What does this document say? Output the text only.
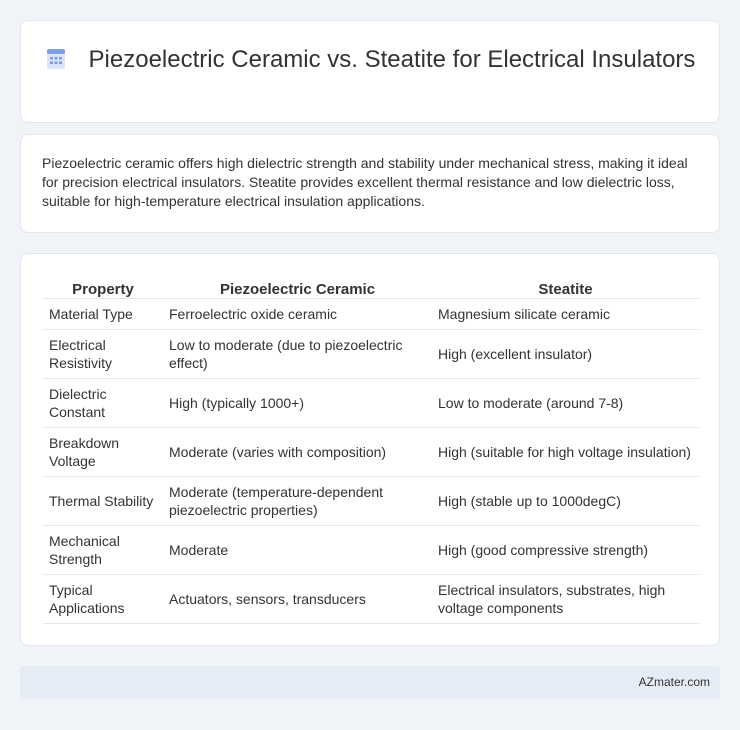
Piezoelectric Ceramic vs. Steatite for Electrical Insulators
Piezoelectric ceramic offers high dielectric strength and stability under mechanical stress, making it ideal for precision electrical insulators. Steatite provides excellent thermal resistance and low dielectric loss, suitable for high-temperature electrical insulation applications.
Property	Piezoelectric Ceramic	Steatite
Material Type	Ferroelectric oxide ceramic	Magnesium silicate ceramic
Electrical Resistivity	Low to moderate (due to piezoelectric effect)	High (excellent insulator)
Dielectric Constant	High (typically 1000+)	Low to moderate (around 7-8)
Breakdown Voltage	Moderate (varies with composition)	High (suitable for high voltage insulation)
Thermal Stability	Moderate (temperature-dependent piezoelectric properties)	High (stable up to 1000degC)
Mechanical Strength	Moderate	High (good compressive strength)
Typical Applications	Actuators, sensors, transducers	Electrical insulators, substrates, high voltage components
AZmater.com
